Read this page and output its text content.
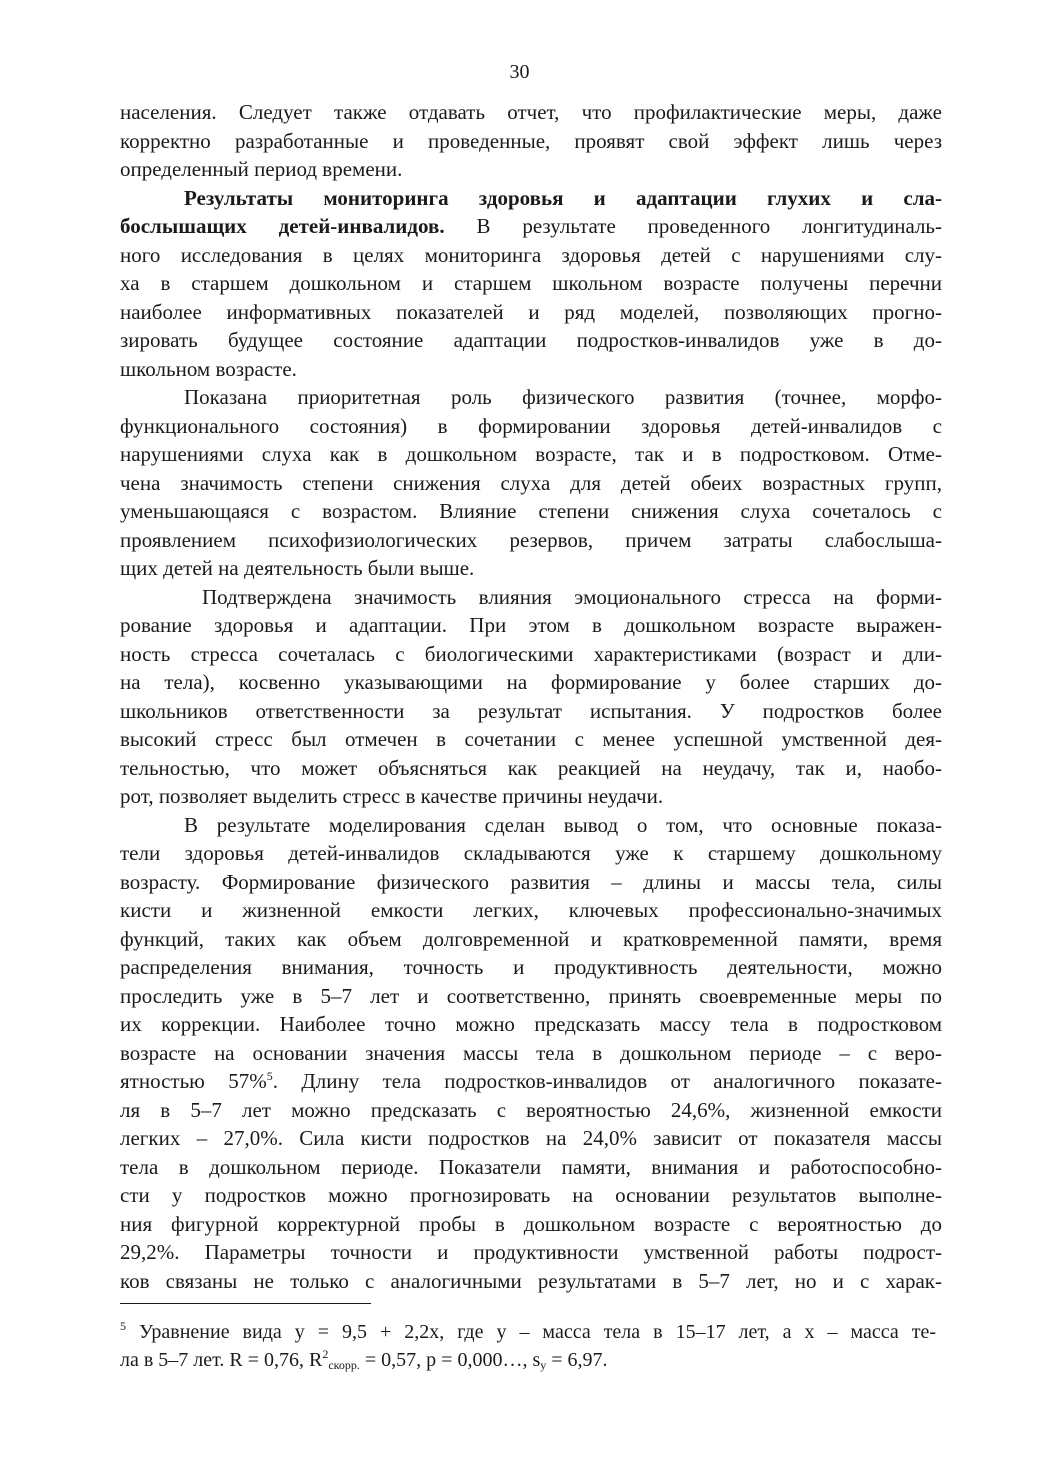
30
населения. Следует также отдавать отчет, что профилактические меры, даже
корректно разработанные и проведенные, проявят свой эффект лишь через
определенный период времени.
Результаты мониторинга здоровья и адаптации глухих и сла-
бослышащих детей-инвалидов. В результате проведенного лонгитудиналь-
ного исследования в целях мониторинга здоровья детей с нарушениями слу-
ха в старшем дошкольном и старшем школьном возрасте получены перечни
наиболее информативных показателей и ряд моделей, позволяющих прогно-
зировать будущее состояние адаптации подростков-инвалидов уже в до-
школьном возрасте.
Показана приоритетная роль физического развития (точнее, морфо-
функционального состояния) в формировании здоровья детей-инвалидов с
нарушениями слуха как в дошкольном возрасте, так и в подростковом. Отме-
чена значимость степени снижения слуха для детей обеих возрастных групп,
уменьшающаяся с возрастом. Влияние степени снижения слуха сочеталось с
проявлением психофизиологических резервов, причем затраты слабослыша-
щих детей на деятельность были выше.
Подтверждена значимость влияния эмоционального стресса на форми-
рование здоровья и адаптации. При этом в дошкольном возрасте выражен-
ность стресса сочеталась с биологическими характеристиками (возраст и дли-
на тела), косвенно указывающими на формирование у более старших до-
школьников ответственности за результат испытания. У подростков более
высокий стресс был отмечен в сочетании с менее успешной умственной дея-
тельностью, что может объясняться как реакцией на неудачу, так и, наобо-
рот, позволяет выделить стресс в качестве причины неудачи.
В результате моделирования сделан вывод о том, что основные показа-
тели здоровья детей-инвалидов складываются уже к старшему дошкольному
возрасту. Формирование физического развития – длины и массы тела, силы
кисти и жизненной емкости легких, ключевых профессионально-значимых
функций, таких как объем долговременной и кратковременной памяти, время
распределения внимания, точность и продуктивность деятельности, можно
проследить уже в 5–7 лет и соответственно, принять своевременные меры по
их коррекции. Наиболее точно можно предсказать массу тела в подростковом
возрасте на основании значения массы тела в дошкольном периоде – с веро-
ятностью 57%$^5$. Длину тела подростков-инвалидов от аналогичного показате-
ля в 5–7 лет можно предсказать с вероятностью 24,6%, жизненной емкости
легких – 27,0%. Сила кисти подростков на 24,0% зависит от показателя массы
тела в дошкольном периоде. Показатели памяти, внимания и работоспособно-
сти у подростков можно прогнозировать на основании результатов выполне-
ния фигурной корректурной пробы в дошкольном возрасте с вероятностью до
29,2%. Параметры точности и продуктивности умственной работы подрост-
ков связаны не только с аналогичными результатами в 5–7 лет, но и с харак-
$^5$ Уравнение вида y = 9,5 + 2,2x, где y – масса тела в 15–17 лет, а x – масса те-
ла в 5–7 лет. R = 0,76, $R^2_{скорр.} = 0,57$, p = 0,000…, $s_y = 6,97$.
